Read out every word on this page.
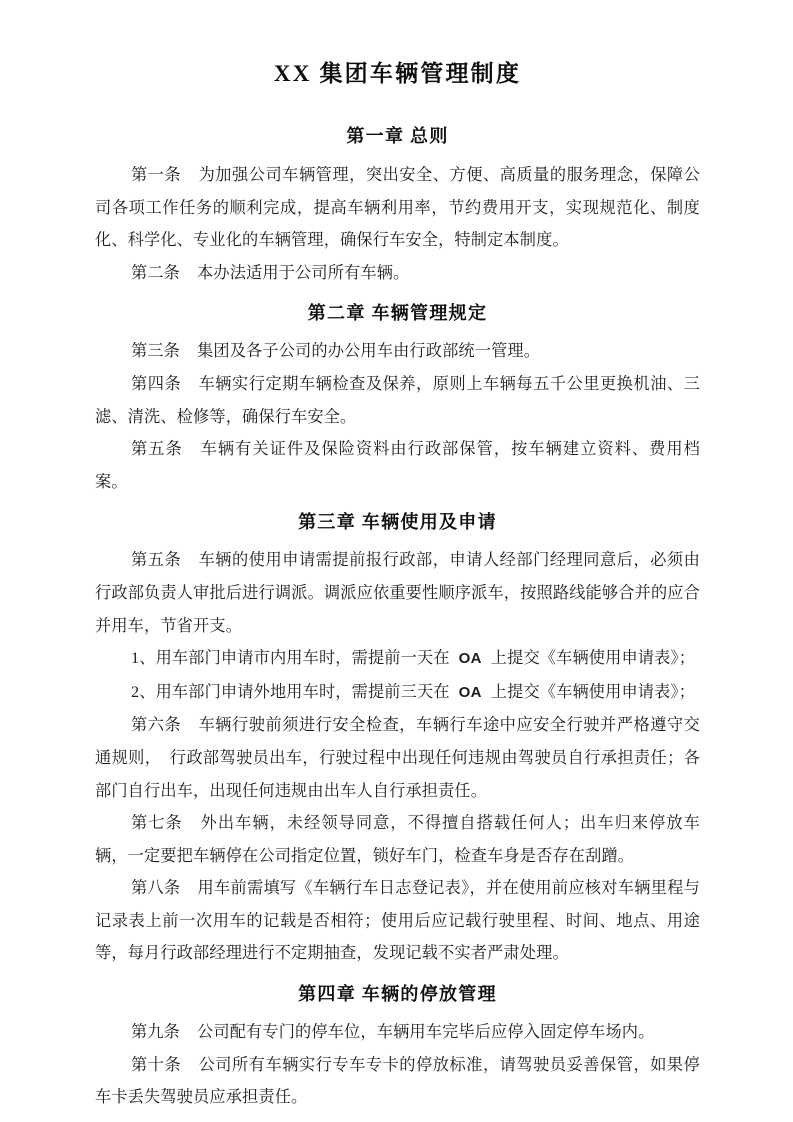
XX 集团车辆管理制度
第一章 总则

第一条 为加强公司车辆管理，突出安全、方便、高质量的服务理念，保障公司各项工作任务的顺利完成，提高车辆利用率，节约费用开支，实现规范化、制度化、科学化、专业化的车辆管理，确保行车安全，特制定本制度。

第二条 本办法适用于公司所有车辆。

第二章 车辆管理规定

第三条 集团及各子公司的办公用车由行政部统一管理。

第四条 车辆实行定期车辆检查及保养，原则上车辆每五千公里更换机油、三滤、清洗、检修等，确保行车安全。

第五条 车辆有关证件及保险资料由行政部保管，按车辆建立资料、费用档案。

第三章 车辆使用及申请

第五条 车辆的使用申请需提前报行政部，申请人经部门经理同意后，必须由行政部负责人审批后进行调派。调派应依重要性顺序派车，按照路线能够合并的应合并用车，节省开支。

1、用车部门申请市内用车时，需提前一天在 OA 上提交《车辆使用申请表》；

2、用车部门申请外地用车时，需提前三天在 OA 上提交《车辆使用申请表》；

第六条 车辆行驶前须进行安全检查，车辆行车途中应安全行驶并严格遵守交通规则，　行政部驾驶员出车，行驶过程中出现任何违规由驾驶员自行承担责任；各部门自行出车，出现任何违规由出车人自行承担责任。

第七条 外出车辆，未经领导同意，不得擅自搭载任何人；出车归来停放车辆，一定要把车辆停在公司指定位置，锁好车门，检查车身是否存在刮蹭。

第八条 用车前需填写《车辆行车日志登记表》，并在使用前应核对车辆里程与记录表上前一次用车的记载是否相符；使用后应记载行驶里程、时间、地点、用途等，每月行政部经理进行不定期抽查，发现记载不实者严肃处理。

第四章 车辆的停放管理

第九条 公司配有专门的停车位，车辆用车完毕后应停入固定停车场内。

第十条 公司所有车辆实行专车专卡的停放标准，请驾驶员妥善保管，如果停车卡丢失驾驶员应承担责任。
